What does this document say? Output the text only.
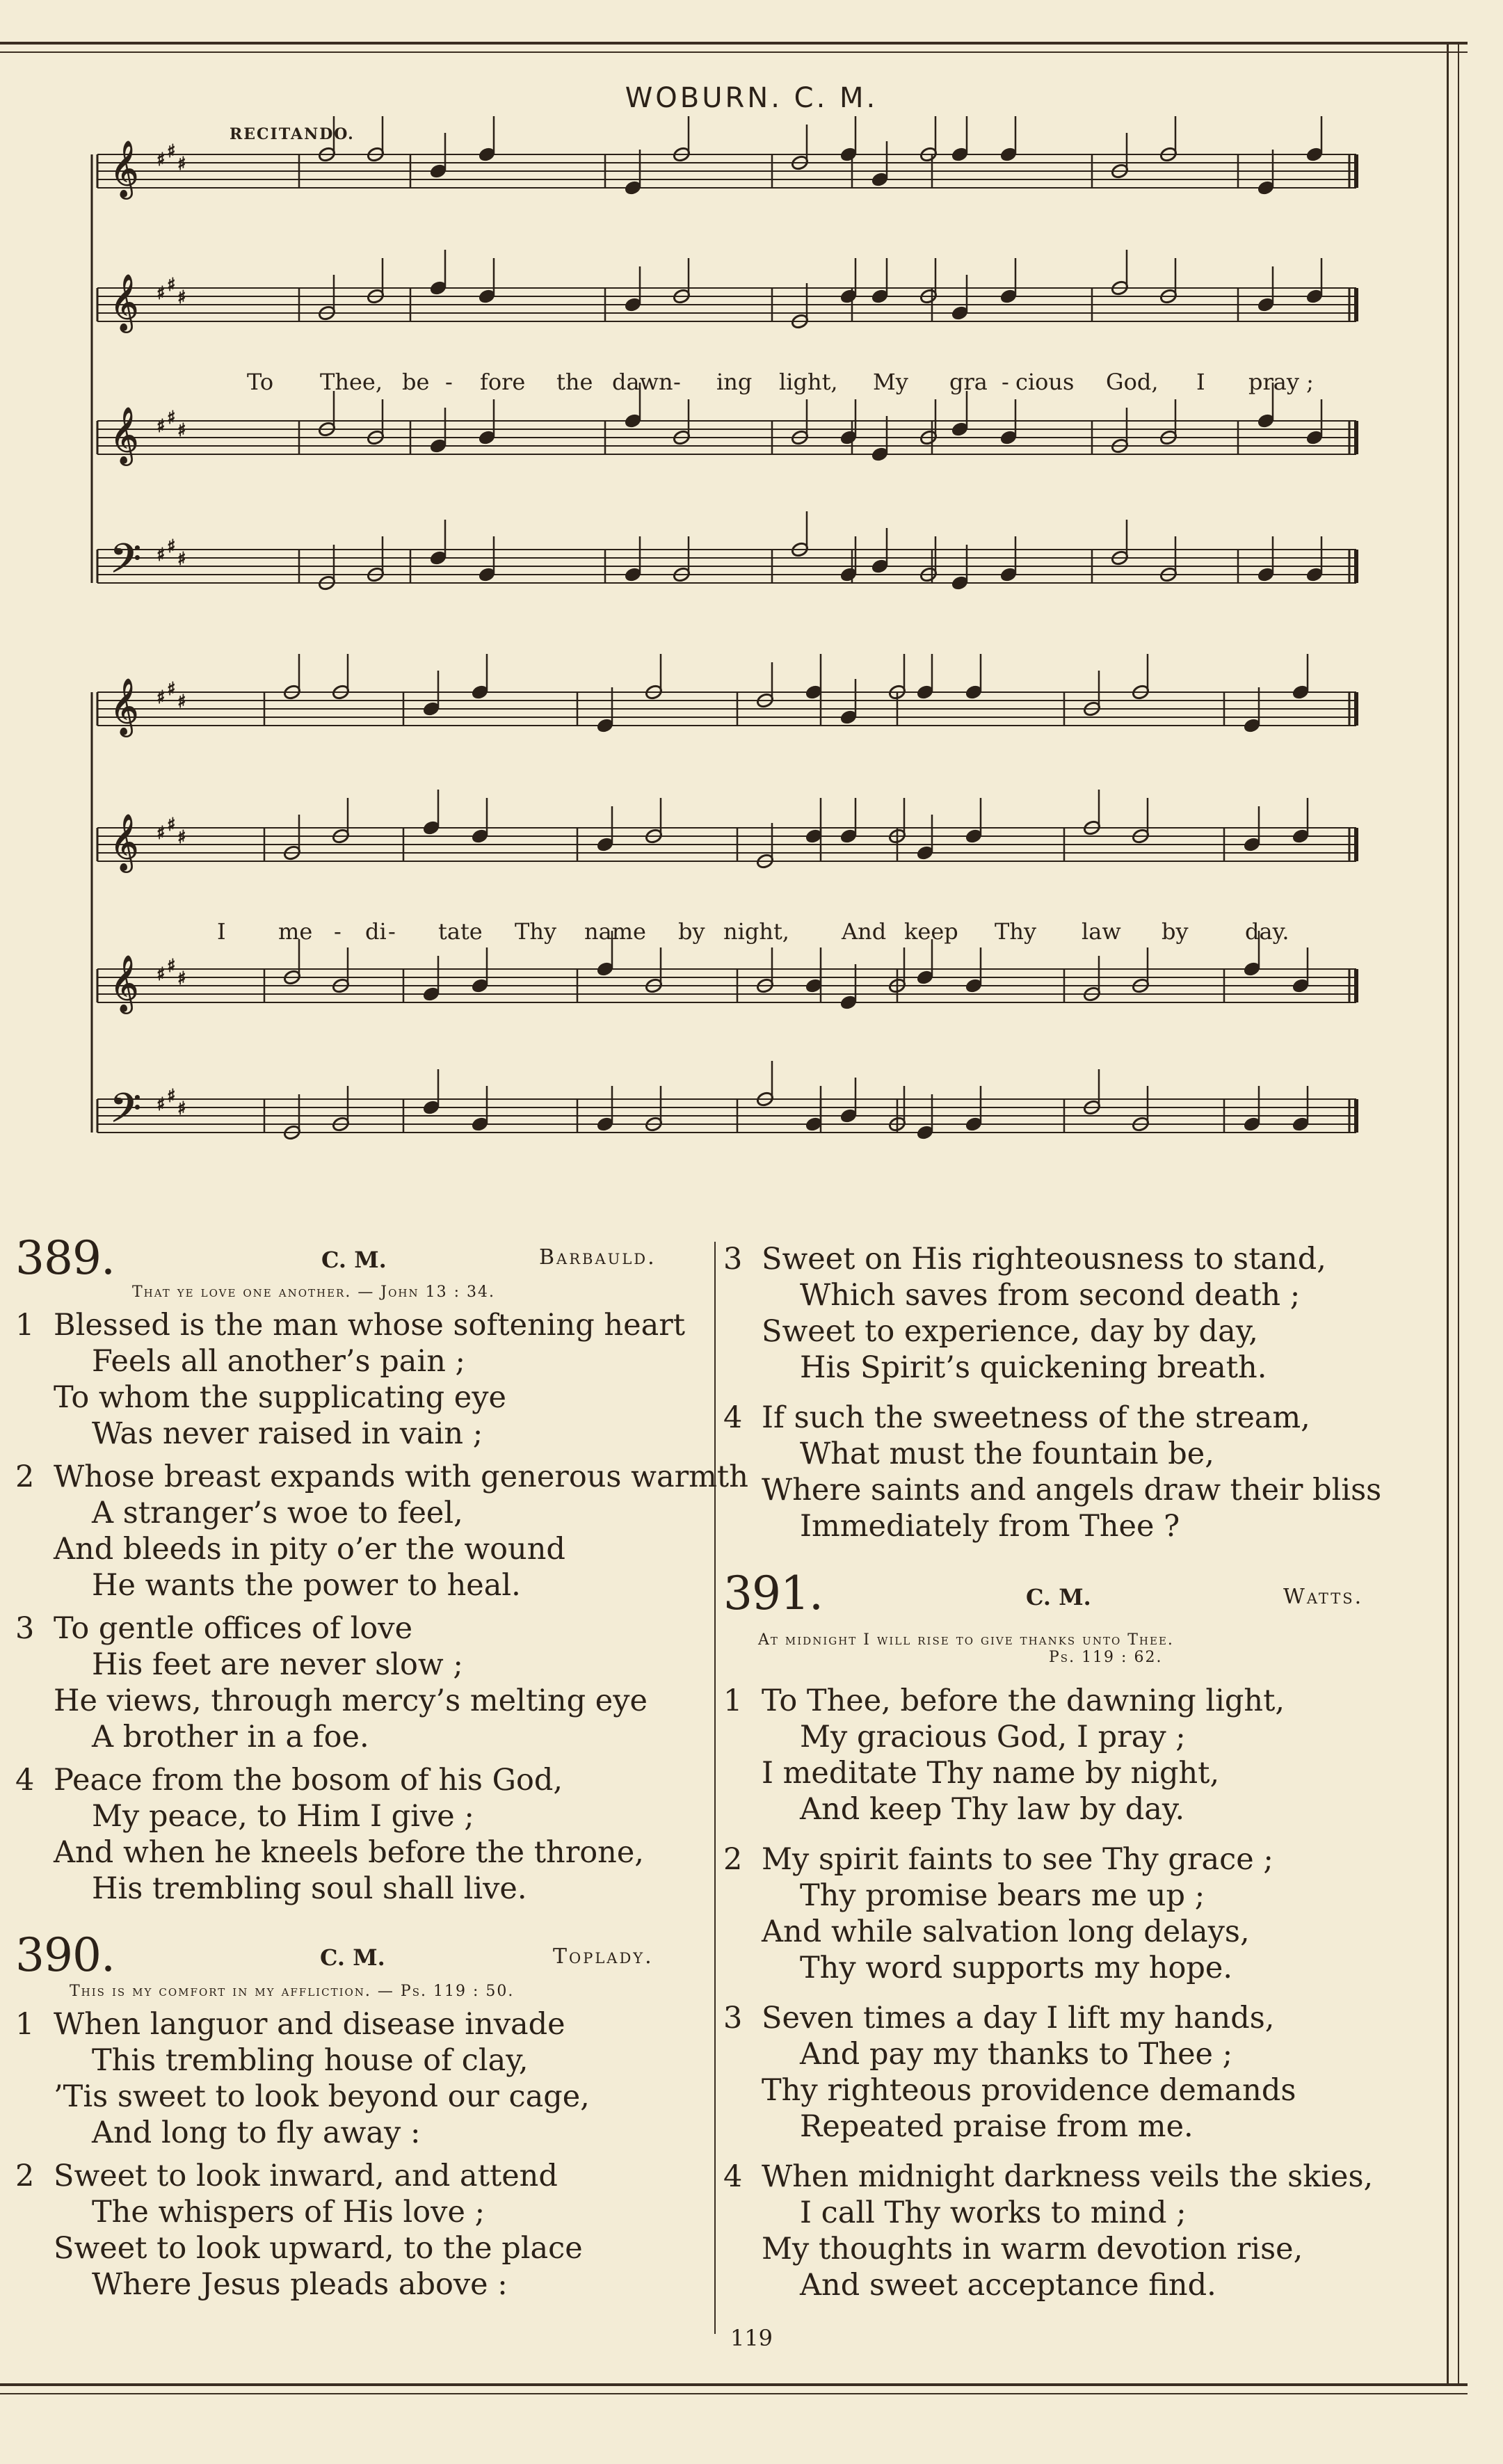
WOBURN. C. M.
RECITANDO.
𝄞 ♯ ♯
♯
𝄞 ♯ ♯
♯
𝄞 ♯ ♯
♯
𝄢 ♯ ♯
♯
𝄞 ♯ ♯
♯
𝄞 ♯ ♯
♯
𝄞 ♯ ♯
♯
𝄢 ♯ ♯
♯
To Thee, be - fore the dawn - ing light, My gra - cious God, I pray ;
I me - di - tate Thy name by night, And keep Thy law by	day.
389.	C. M.	Barbauld.
That ye love one another. — John 13 : 34.
1 Blessed is the man whose softening heart
Feels all another’s pain ;
To whom the supplicating eye
Was never raised in vain ;
2 Whose breast expands with generous warmth
A stranger’s woe to feel,
And bleeds in pity o’er the wound
He wants the power to heal.
3 To gentle offices of love
His feet are never slow ;
He views, through mercy’s melting eye
A brother in a foe.
4 Peace from the bosom of his God,
My peace, to Him I give ;
And when he kneels before the throne,
His trembling soul shall live.
390.	C. M.	Toplady.
This is my comfort in my affliction. — Ps. 119 : 50.
1 When languor and disease invade
This trembling house of clay,
’Tis sweet to look beyond our cage,
And long to fly away :
2 Sweet to look inward, and attend
The whispers of His love ;
Sweet to look upward, to the place
Where Jesus pleads above :
3 Sweet on His righteousness to stand,
Which saves from second death ;
Sweet to experience, day by day,
His Spirit’s quickening breath.
4 If such the sweetness of the stream,
What must the fountain be,
Where saints and angels draw their bliss
Immediately from Thee ?
391.	C. M.	Watts.
At midnight I will rise to give thanks unto Thee.
Ps. 119 : 62.
1 To Thee, before the dawning light,
My gracious God, I pray ;
I meditate Thy name by night,
And keep Thy law by day.
2 My spirit faints to see Thy grace ;
Thy promise bears me up ;
And while salvation long delays,
Thy word supports my hope.
3 Seven times a day I lift my hands,
And pay my thanks to Thee ;
Thy righteous providence demands
Repeated praise from me.
4 When midnight darkness veils the skies,
I call Thy works to mind ;
My thoughts in warm devotion rise,
And sweet acceptance find.
119
